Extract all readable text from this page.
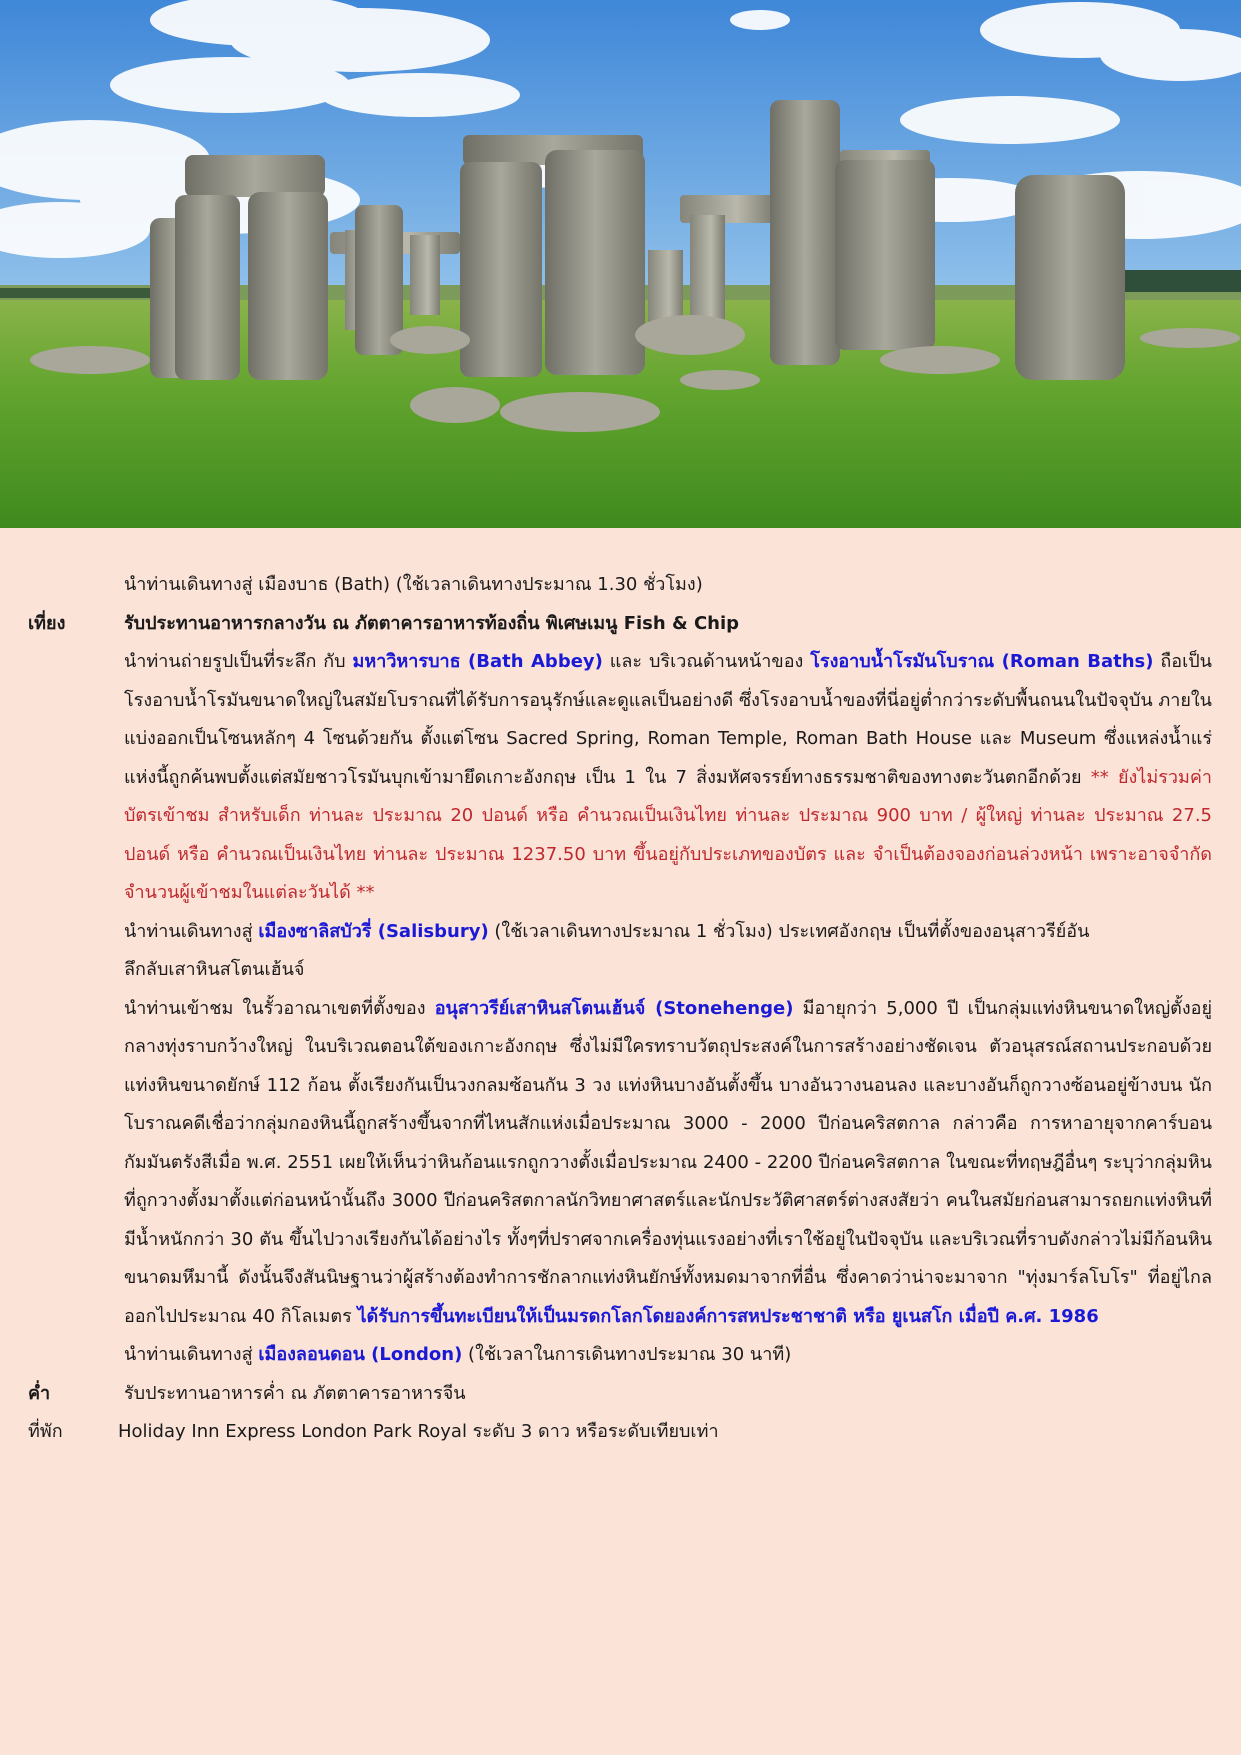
นำท่านเดินทางสู่ เมืองบาธ (Bath) (ใช้เวลาเดินทางประมาณ 1.30 ชั่วโมง)
เที่ยง	รับประทานอาหารกลางวัน ณ ภัตตาคารอาหารท้องถิ่น พิเศษเมนู Fish & Chip
นำท่านถ่ายรูปเป็นที่ระลึก กับ มหาวิหารบาธ (Bath Abbey) และ บริเวณด้านหน้าของ โรงอาบน้ำโรมันโบราณ (Roman Baths) ถือเป็นโรงอาบน้ำโรมันขนาดใหญ่ในสมัยโบราณที่ได้รับการอนุรักษ์และดูแลเป็นอย่างดี ซึ่งโรงอาบน้ำของที่นี่อยู่ต่ำกว่าระดับพื้นถนนในปัจจุบัน ภายในแบ่งออกเป็นโซนหลักๆ 4 โซนด้วยกัน ตั้งแต่โซน Sacred Spring, Roman Temple, Roman Bath House และ Museum ซึ่งแหล่งน้ำแร่แห่งนี้ถูกค้นพบตั้งแต่สมัยชาวโรมันบุกเข้ามายึดเกาะอังกฤษ เป็น 1 ใน 7 สิ่งมหัศจรรย์ทางธรรมชาติของทางตะวันตกอีกด้วย ** ยังไม่รวมค่าบัตรเข้าชม สำหรับเด็ก ท่านละ ประมาณ 20 ปอนด์ หรือ คำนวณเป็นเงินไทย ท่านละ ประมาณ 900 บาท / ผู้ใหญ่ ท่านละ ประมาณ 27.5 ปอนด์ หรือ คำนวณเป็นเงินไทย ท่านละ ประมาณ 1237.50 บาท ขึ้นอยู่กับประเภทของบัตร และ จำเป็นต้องจองก่อนล่วงหน้า เพราะอาจจำกัดจำนวนผู้เข้าชมในแต่ละวันได้ **
นำท่านเดินทางสู่ เมืองซาลิสบัวรี่ (Salisbury) (ใช้เวลาเดินทางประมาณ 1 ชั่วโมง) ประเทศอังกฤษ เป็นที่ตั้งของอนุสาวรีย์อันลึกลับเสาหินสโตนเฮ้นจ์
นำท่านเข้าชม ในรั้วอาณาเขตที่ตั้งของ อนุสาวรีย์เสาหินสโตนเฮ้นจ์ (Stonehenge) มีอายุกว่า 5,000 ปี เป็นกลุ่มแท่งหินขนาดใหญ่ตั้งอยู่กลางทุ่งราบกว้างใหญ่ ในบริเวณตอนใต้ของเกาะอังกฤษ ซึ่งไม่มีใครทราบวัตถุประสงค์ในการสร้างอย่างชัดเจน ตัวอนุสรณ์สถานประกอบด้วยแท่งหินขนาดยักษ์ 112 ก้อน ตั้งเรียงกันเป็นวงกลมซ้อนกัน 3 วง แท่งหินบางอันตั้งขึ้น บางอันวางนอนลง และบางอันก็ถูกวางซ้อนอยู่ข้างบน นักโบราณคดีเชื่อว่ากลุ่มกองหินนี้ถูกสร้างขึ้นจากที่ไหนสักแห่งเมื่อประมาณ 3000 - 2000 ปีก่อนคริสตกาล กล่าวคือ การหาอายุจากคาร์บอนกัมมันตรังสีเมื่อ พ.ศ. 2551 เผยให้เห็นว่าหินก้อนแรกถูกวางตั้งเมื่อประมาณ 2400 - 2200 ปีก่อนคริสตกาล ในขณะที่ทฤษฎีอื่นๆ ระบุว่ากลุ่มหินที่ถูกวางตั้งมาตั้งแต่ก่อนหน้านั้นถึง 3000 ปีก่อนคริสตกาลนักวิทยาศาสตร์และนักประวัติศาสตร์ต่างสงสัยว่า คนในสมัยก่อนสามารถยกแท่งหินที่มีน้ำหนักกว่า 30 ตัน ขึ้นไปวางเรียงกันได้อย่างไร ทั้งๆที่ปราศจากเครื่องทุ่นแรงอย่างที่เราใช้อยู่ในปัจจุบัน และบริเวณที่ราบดังกล่าวไม่มีก้อนหินขนาดมหึมานี้ ดังนั้นจึงสันนิษฐานว่าผู้สร้างต้องทำการชักลากแท่งหินยักษ์ทั้งหมดมาจากที่อื่น ซึ่งคาดว่าน่าจะมาจาก "ทุ่งมาร์ลโบโร" ที่อยู่ไกลออกไปประมาณ 40 กิโลเมตร ได้รับการขึ้นทะเบียนให้เป็นมรดกโลกโดยองค์การสหประชาชาติ หรือ ยูเนสโก เมื่อปี ค.ศ. 1986
นำท่านเดินทางสู่ เมืองลอนดอน (London) (ใช้เวลาในการเดินทางประมาณ 30 นาที)
ค่ำ	รับประทานอาหารค่ำ ณ ภัตตาคารอาหารจีน
ที่พัก	Holiday Inn Express London Park Royal ระดับ 3 ดาว หรือระดับเทียบเท่า
